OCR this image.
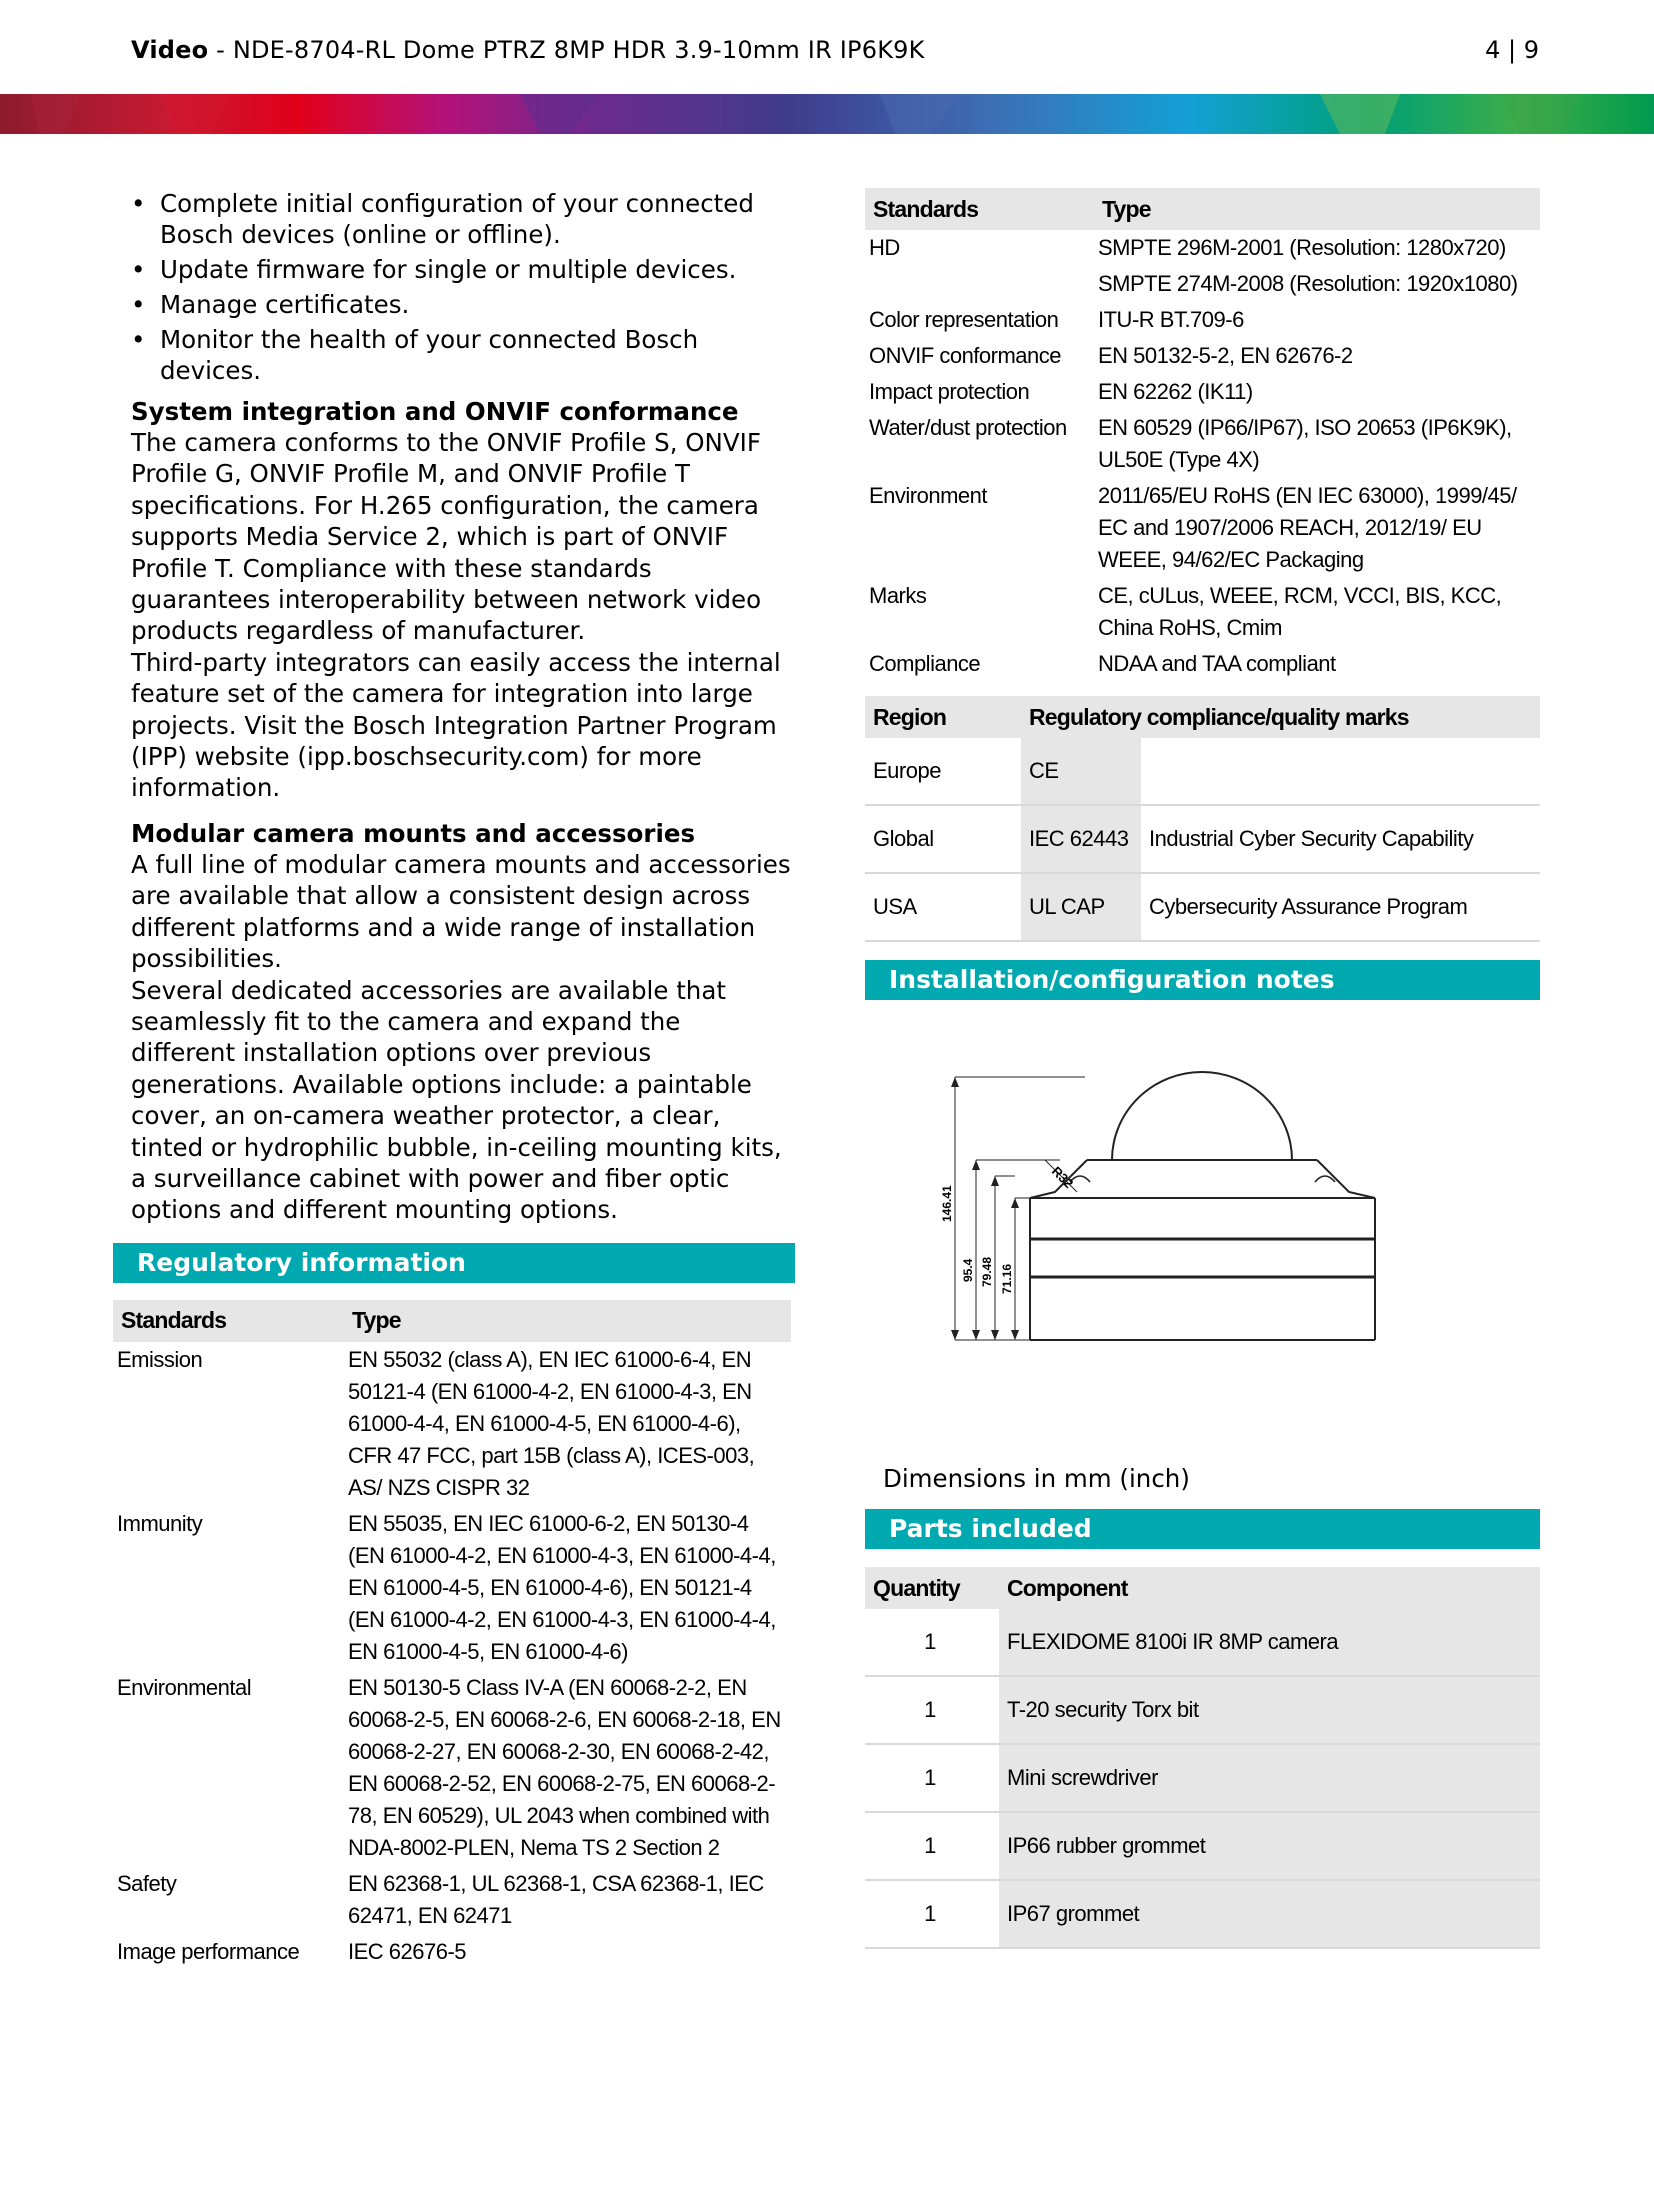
Video - NDE-8704-RL Dome PTRZ 8MP HDR 3.9-10mm IR IP6K9K	4 | 9
• Complete initial configuration of your connected Bosch devices (online or offline).
• Update firmware for single or multiple devices.
• Manage certificates.
• Monitor the health of your connected Bosch devices.
System integration and ONVIF conformance
The camera conforms to the ONVIF Profile S, ONVIF Profile G, ONVIF Profile M, and ONVIF Profile T specifications. For H.265 configuration, the camera supports Media Service 2, which is part of ONVIF Profile T. Compliance with these standards guarantees interoperability between network video products regardless of manufacturer.
Third-party integrators can easily access the internal feature set of the camera for integration into large projects. Visit the Bosch Integration Partner Program (IPP) website (ipp.boschsecurity.com) for more information.
Modular camera mounts and accessories
A full line of modular camera mounts and accessories are available that allow a consistent design across different platforms and a wide range of installation possibilities.
Several dedicated accessories are available that seamlessly fit to the camera and expand the different installation options over previous generations. Available options include: a paintable cover, an on-camera weather protector, a clear, tinted or hydrophilic bubble, in-ceiling mounting kits, a surveillance cabinet with power and fiber optic options and different mounting options.
Regulatory information
Standards	Type
Emission	EN 55032 (class A), EN IEC 61000-6-4, EN 50121-4 (EN 61000-4-2, EN 61000-4-3, EN 61000-4-4, EN 61000-4-5, EN 61000-4-6), CFR 47 FCC, part 15B (class A), ICES-003, AS/ NZS CISPR 32
Immunity	EN 55035, EN IEC 61000-6-2, EN 50130-4 (EN 61000-4-2, EN 61000-4-3, EN 61000-4-4, EN 61000-4-5, EN 61000-4-6), EN 50121-4 (EN 61000-4-2, EN 61000-4-3, EN 61000-4-4, EN 61000-4-5, EN 61000-4-6)
Environmental	EN 50130-5 Class IV-A (EN 60068-2-2, EN 60068-2-5, EN 60068-2-6, EN 60068-2-18, EN 60068-2-27, EN 60068-2-30, EN 60068-2-42, EN 60068-2-52, EN 60068-2-75, EN 60068-2-78, EN 60529), UL 2043 when combined with NDA-8002-PLEN, Nema TS 2 Section 2
Safety	EN 62368-1, UL 62368-1, CSA 62368-1, IEC 62471, EN 62471
Image performance	IEC 62676-5
Standards	Type
HD	SMPTE 296M-2001 (Resolution: 1280x720)
	SMPTE 274M-2008 (Resolution: 1920x1080)
Color representation	ITU-R BT.709-6
ONVIF conformance	EN 50132-5-2, EN 62676-2
Impact protection	EN 62262 (IK11)
Water/dust protection	EN 60529 (IP66/IP67), ISO 20653 (IP6K9K), UL50E (Type 4X)
Environment	2011/65/EU RoHS (EN IEC 63000), 1999/45/ EC and 1907/2006 REACH, 2012/19/ EU WEEE, 94/62/EC Packaging
Marks	CE, cULus, WEEE, RCM, VCCI, BIS, KCC, China RoHS, Cmim
Compliance	NDAA and TAA compliant
Region	Regulatory compliance/quality marks	
Europe	CE	
Global	IEC 62443	Industrial Cyber Security Capability
USA	UL CAP	Cybersecurity Assurance Program
Installation/configuration notes
146.41
95.4 79.48 71.16
R32
Dimensions in mm (inch)
Parts included
Quantity	Component
1	FLEXIDOME 8100i IR 8MP camera
1	T-20 security Torx bit
1	Mini screwdriver
1	IP66 rubber grommet
1	IP67 grommet
